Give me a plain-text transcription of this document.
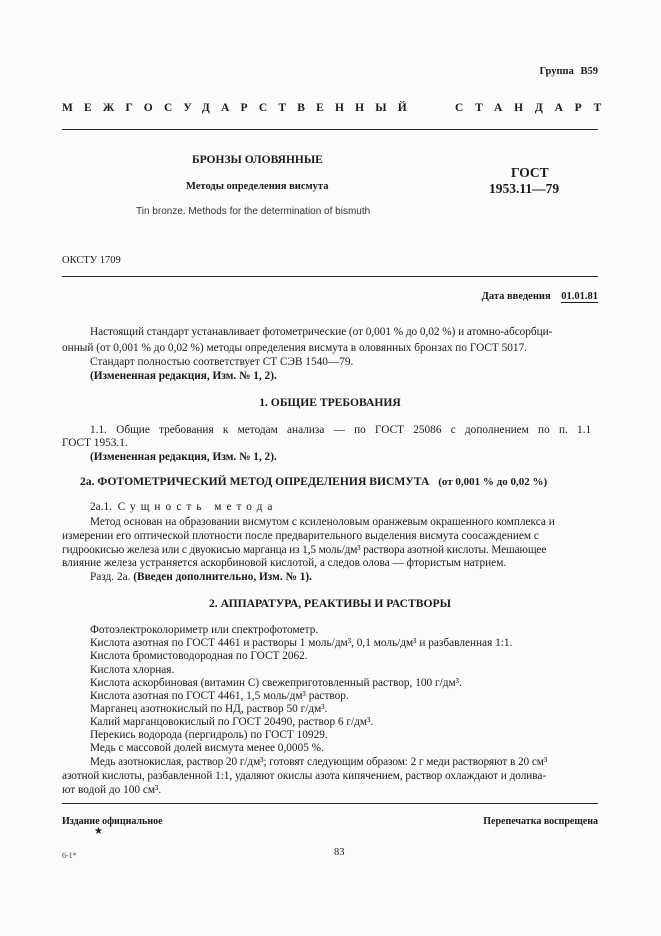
Группа В59
МЕЖГОСУДАРСТВЕННЫЙ	СТАНДАРТ
БРОНЗЫ ОЛОВЯННЫЕ
Методы определения висмута
Tin bronze. Methods for the determination of bismuth
ГОСТ
1953.11—79
ОКСТУ 1709
Дата введения 01.01.81
Настоящий стандарт устанавливает фотометрические (от 0,001 % до 0,02 %) и атомно-абсорбци-
онный (от 0,001 % до 0,02 %) методы определения висмута в оловянных бронзах по ГОСТ 5017.
Стандарт полностью соответствует СТ СЭВ 1540—79.
(Измененная редакция, Изм. № 1, 2).
1. ОБЩИЕ ТРЕБОВАНИЯ
1.1. Общие требования к методам анализа — по ГОСТ 25086 с дополнением по п. 1.1
ГОСТ 1953.1.
(Измененная редакция, Изм. № 1, 2).
2а. ФОТОМЕТРИЧЕСКИЙ МЕТОД ОПРЕДЕЛЕНИЯ ВИСМУТА (от 0,001 % до 0,02 %)
2а.1. Сущность метода
Метод основан на образовании висмутом с ксиленоловым оранжевым окрашенного комплекса и
измерении его оптической плотности после предварительного выделения висмута соосаждением с
гидроокисью железа или с двуокисью марганца из 1,5 моль/дм³ раствора азотной кислоты. Мешающее
влияние железа устраняется аскорбиновой кислотой, а следов олова — фтористым натрием.
Разд. 2а. (Введен дополнительно, Изм. № 1).
2. АППАРАТУРА, РЕАКТИВЫ И РАСТВОРЫ
Фотоэлектроколориметр или спектрофотометр.
Кислота азотная по ГОСТ 4461 и растворы 1 моль/дм³, 0,1 моль/дм³ и разбавленная 1:1.
Кислота бромистоводородная по ГОСТ 2062.
Кислота хлорная.
Кислота аскорбиновая (витамин С) свежеприготовленный раствор, 100 г/дм³.
Кислота азотная по ГОСТ 4461, 1,5 моль/дм³ раствор.
Марганец азотнокислый по НД, раствор 50 г/дм³.
Калий марганцовокислый по ГОСТ 20490, раствор 6 г/дм³.
Перекись водорода (пергидроль) по ГОСТ 10929.
Медь с массовой долей висмута менее 0,0005 %.
Медь азотнокислая, раствор 20 г/дм³; готовят следующим образом: 2 г меди растворяют в 20 см³
азотной кислоты, разбавленной 1:1, удаляют окислы азота кипячением, раствор охлаждают и долива-
ют водой до 100 см³.
Издание официальное
★
Перепечатка воспрещена
6-1*	83
